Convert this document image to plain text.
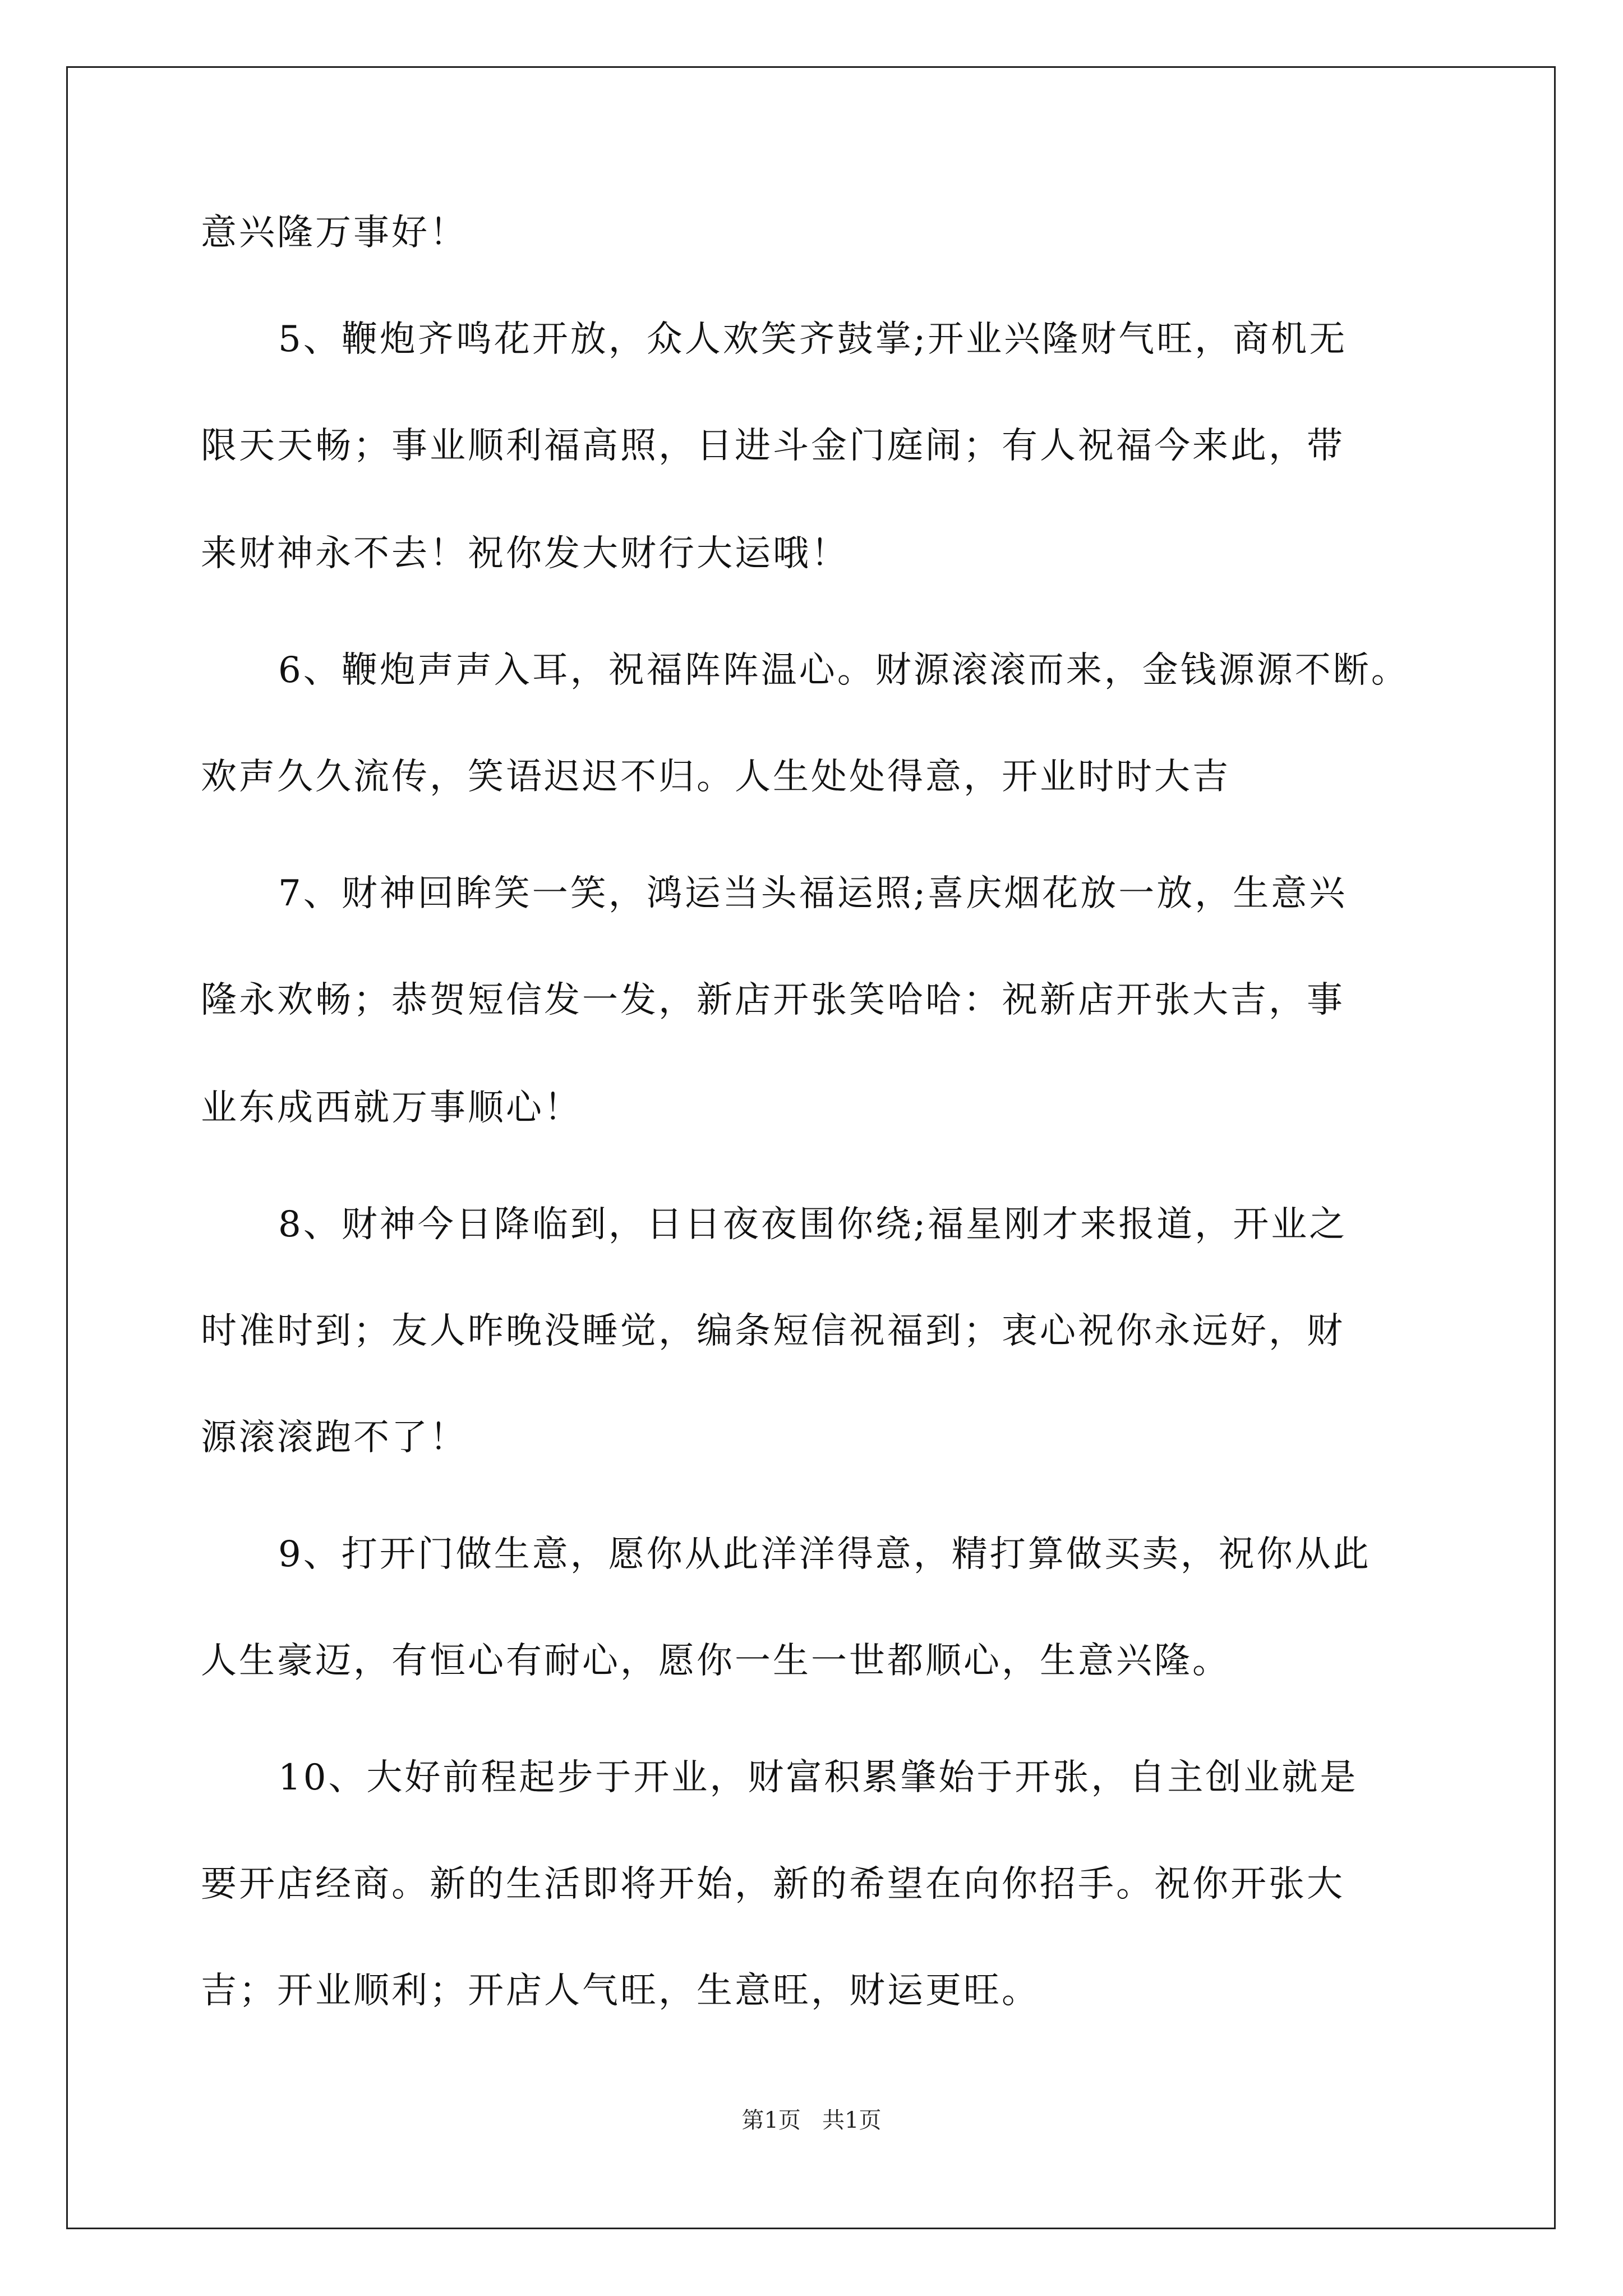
意兴隆万事好！
5、鞭炮齐鸣花开放，众人欢笑齐鼓掌;开业兴隆财气旺，商机无
限天天畅；事业顺利福高照，日进斗金门庭闹；有人祝福今来此，带
来财神永不去！祝你发大财行大运哦！
6、鞭炮声声入耳，祝福阵阵温心。财源滚滚而来，金钱源源不断。
欢声久久流传，笑语迟迟不归。人生处处得意，开业时时大吉
7、财神回眸笑一笑，鸿运当头福运照;喜庆烟花放一放，生意兴
隆永欢畅；恭贺短信发一发，新店开张笑哈哈：祝新店开张大吉，事
业东成西就万事顺心！
8、财神今日降临到，日日夜夜围你绕;福星刚才来报道，开业之
时准时到；友人昨晚没睡觉，编条短信祝福到；衷心祝你永远好，财
源滚滚跑不了！
9、打开门做生意，愿你从此洋洋得意，精打算做买卖，祝你从此
人生豪迈，有恒心有耐心，愿你一生一世都顺心，生意兴隆。
10、大好前程起步于开业，财富积累肇始于开张，自主创业就是
要开店经商。新的生活即将开始，新的希望在向你招手。祝你开张大
吉；开业顺利；开店人气旺，生意旺，财运更旺。
第1页   共1页
